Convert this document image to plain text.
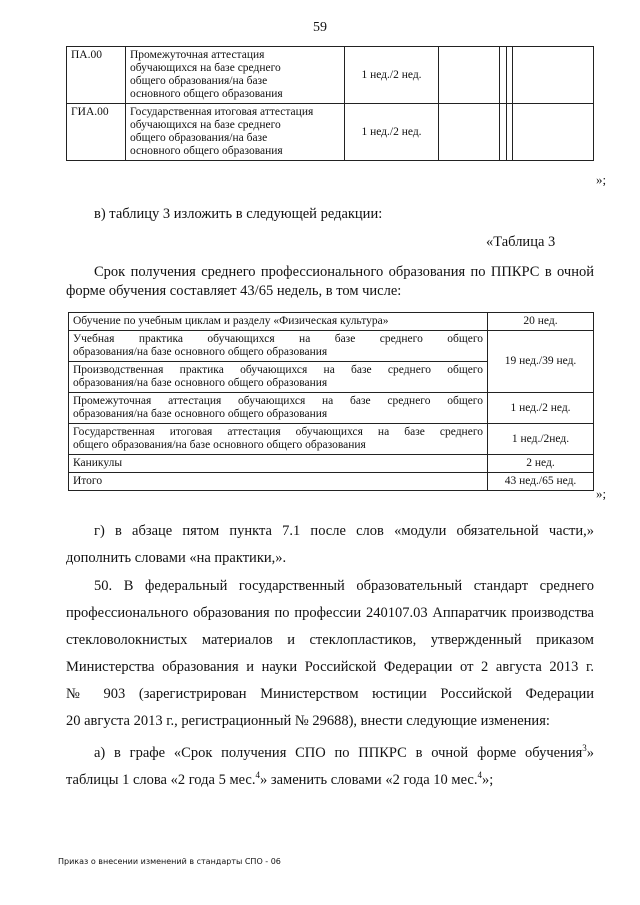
59
ПА.00	Промежуточная аттестация
обучающихся на базе среднего
общего образования/на базе
основного общего образования	1 нед./2 нед.				
ГИА.00	Государственная итоговая аттестация
обучающихся на базе среднего
общего образования/на базе
основного общего образования	1 нед./2 нед.				
»;
в) таблицу 3 изложить в следующей редакции:
«Таблица 3
Срок получения среднего профессионального образования по ППКРС в очной
форме обучения составляет 43/65 недель, в том числе:
Обучение по учебным циклам и разделу «Физическая культура»	20 нед.

Учебная практика обучающихся на базе среднего общего
образования/на базе основного общего образования	19 нед./39 нед.

Производственная практика обучающихся на базе среднего общего
образования/на базе основного общего образования	

Промежуточная аттестация обучающихся на базе среднего общего
образования/на базе основного общего образования	1 нед./2 нед.

Государственная итоговая аттестация обучающихся на базе среднего
общего образования/на базе основного общего образования	1 нед./2нед.
Каникулы	2 нед.
Итого	43 нед./65 нед.
»;
г) в абзаце пятом пункта 7.1 после слов «модули обязательной части,»
дополнить словами «на практики,».
50. В федеральный государственный образовательный стандарт среднего
профессионального образования по профессии 240107.03 Аппаратчик производства
стекловолокнистых материалов и стеклопластиков, утвержденный приказом
Министерства образования и науки Российской Федерации от 2 августа 2013 г.
№ 903 (зарегистрирован Министерством юстиции Российской Федерации
20 августа 2013 г., регистрационный № 29688), внести следующие изменения:
а) в графе «Срок получения СПО по ППКРС в очной форме обучения$^3$»
таблицы 1 слова «2 года 5 мес.$^4$» заменить словами «2 года 10 мес.$^4$»;
Приказ о внесении изменений в стандарты СПО - 06
